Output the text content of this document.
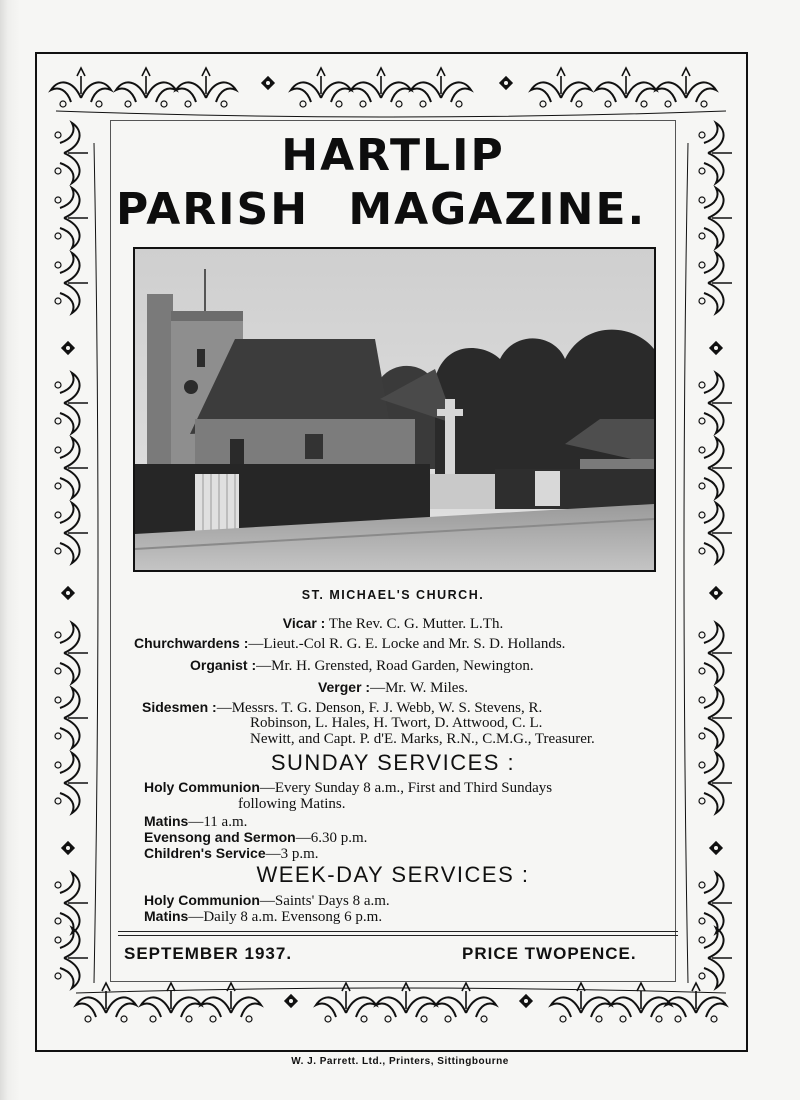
HARTLIP
PARISH MAGAZINE.
ST. MICHAEL'S CHURCH.
Vicar : The Rev. C. G. Mutter. L.Th.
Churchwardens :—Lieut.-Col R. G. E. Locke and Mr. S. D. Hollands.
Organist :—Mr. H. Grensted, Road Garden, Newington.
Verger :—Mr. W. Miles.
Sidesmen :—Messrs. T. G. Denson, F. J. Webb, W. S. Stevens, R.
Robinson, L. Hales, H. Twort, D. Attwood, C. L.
Newitt, and Capt. P. d'E. Marks, R.N., C.M.G., Treasurer.
SUNDAY SERVICES :
Holy Communion—Every Sunday 8 a.m., First and Third Sundays
following Matins.
Matins—11 a.m.
Evensong and Sermon—6.30 p.m.
Children's Service—3 p.m.
WEEK-DAY SERVICES :
Holy Communion—Saints' Days 8 a.m.
Matins—Daily 8 a.m. Evensong 6 p.m.
SEPTEMBER 1937.	PRICE TWOPENCE.
W. J. Parrett. Ltd., Printers, Sittingbourne
